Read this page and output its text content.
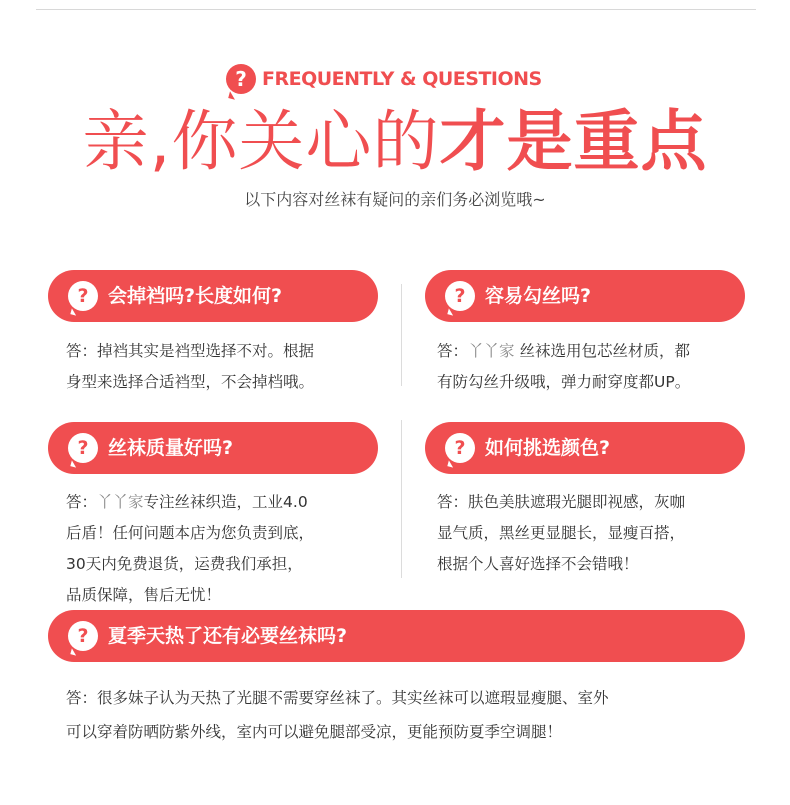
? FREQUENTLY & QUESTIONS
亲,你关心的才是重点
以下内容对丝袜有疑问的亲们务必浏览哦~
?	会掉裆吗?长度如何?
答：掉裆其实是裆型选择不对。根据
身型来选择合适裆型，不会掉档哦。
?	容易勾丝吗?
答：丫丫家 丝袜选用包芯丝材质，都
有防勾丝升级哦，弹力耐穿度都UP。
?	丝袜质量好吗?
答：丫丫家专注丝袜织造，工业4.0
后盾！任何问题本店为您负责到底，
30天内免费退货，运费我们承担，
品质保障，售后无忧！
?	如何挑选颜色?
答：肤色美肤遮瑕光腿即视感，灰咖
显气质，黑丝更显腿长，显瘦百搭，
根据个人喜好选择不会错哦！
?	夏季天热了还有必要丝袜吗?
答：很多妹子认为天热了光腿不需要穿丝袜了。其实丝袜可以遮瑕显瘦腿、室外
可以穿着防晒防紫外线，室内可以避免腿部受凉，更能预防夏季空调腿！
